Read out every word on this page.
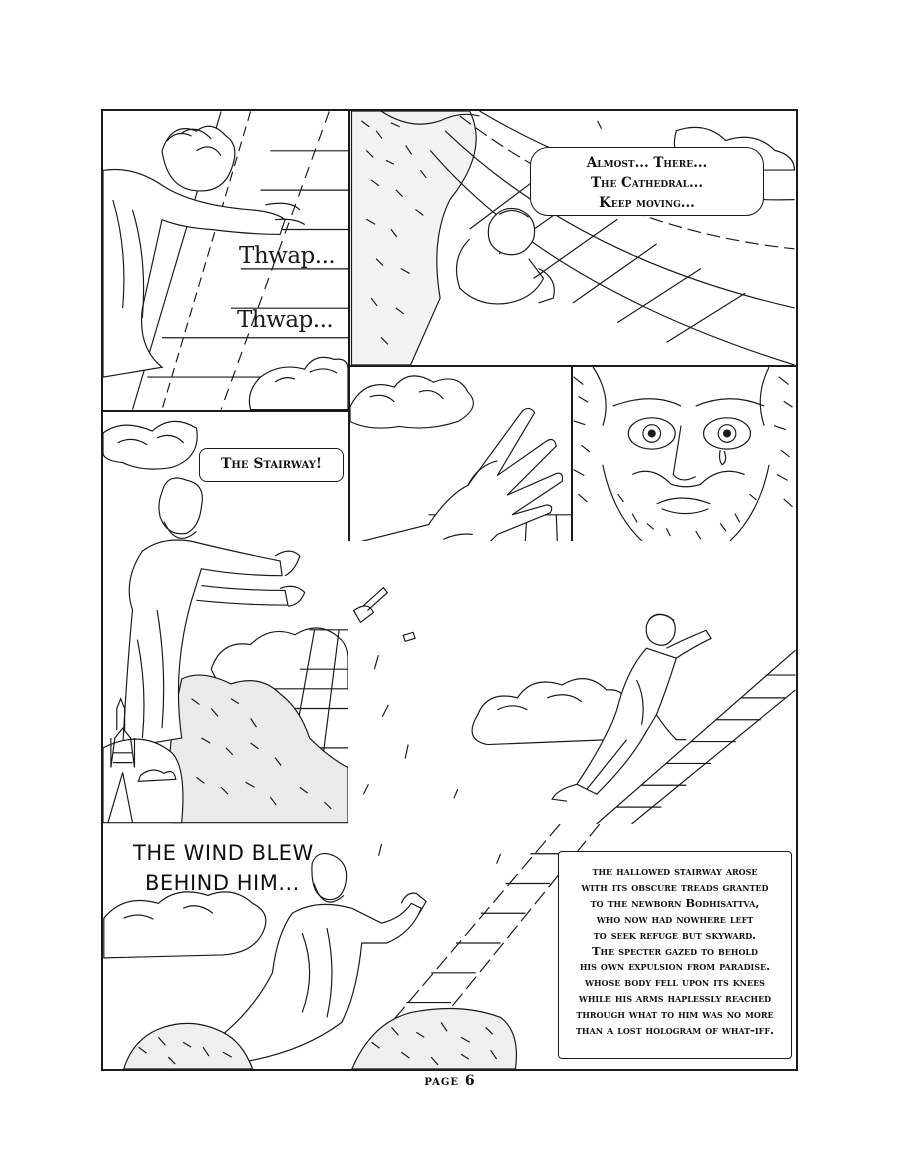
Thwap...
Thwap...
Almost... There...
The Cathedral...
Keep moving...
The Stairway!
THE WIND BLEW
BEHIND HIM...	the hallowed stairway arose
with its obscure treads granted
to the newborn Bodhisattva,
who now had nowhere left
to seek refuge but skyward.
The specter gazed to behold
his own expulsion from paradise.
whose body fell upon its knees
while his arms haplessly reached
through what to him was no more
than a lost hologram of what-iff.
page 6
